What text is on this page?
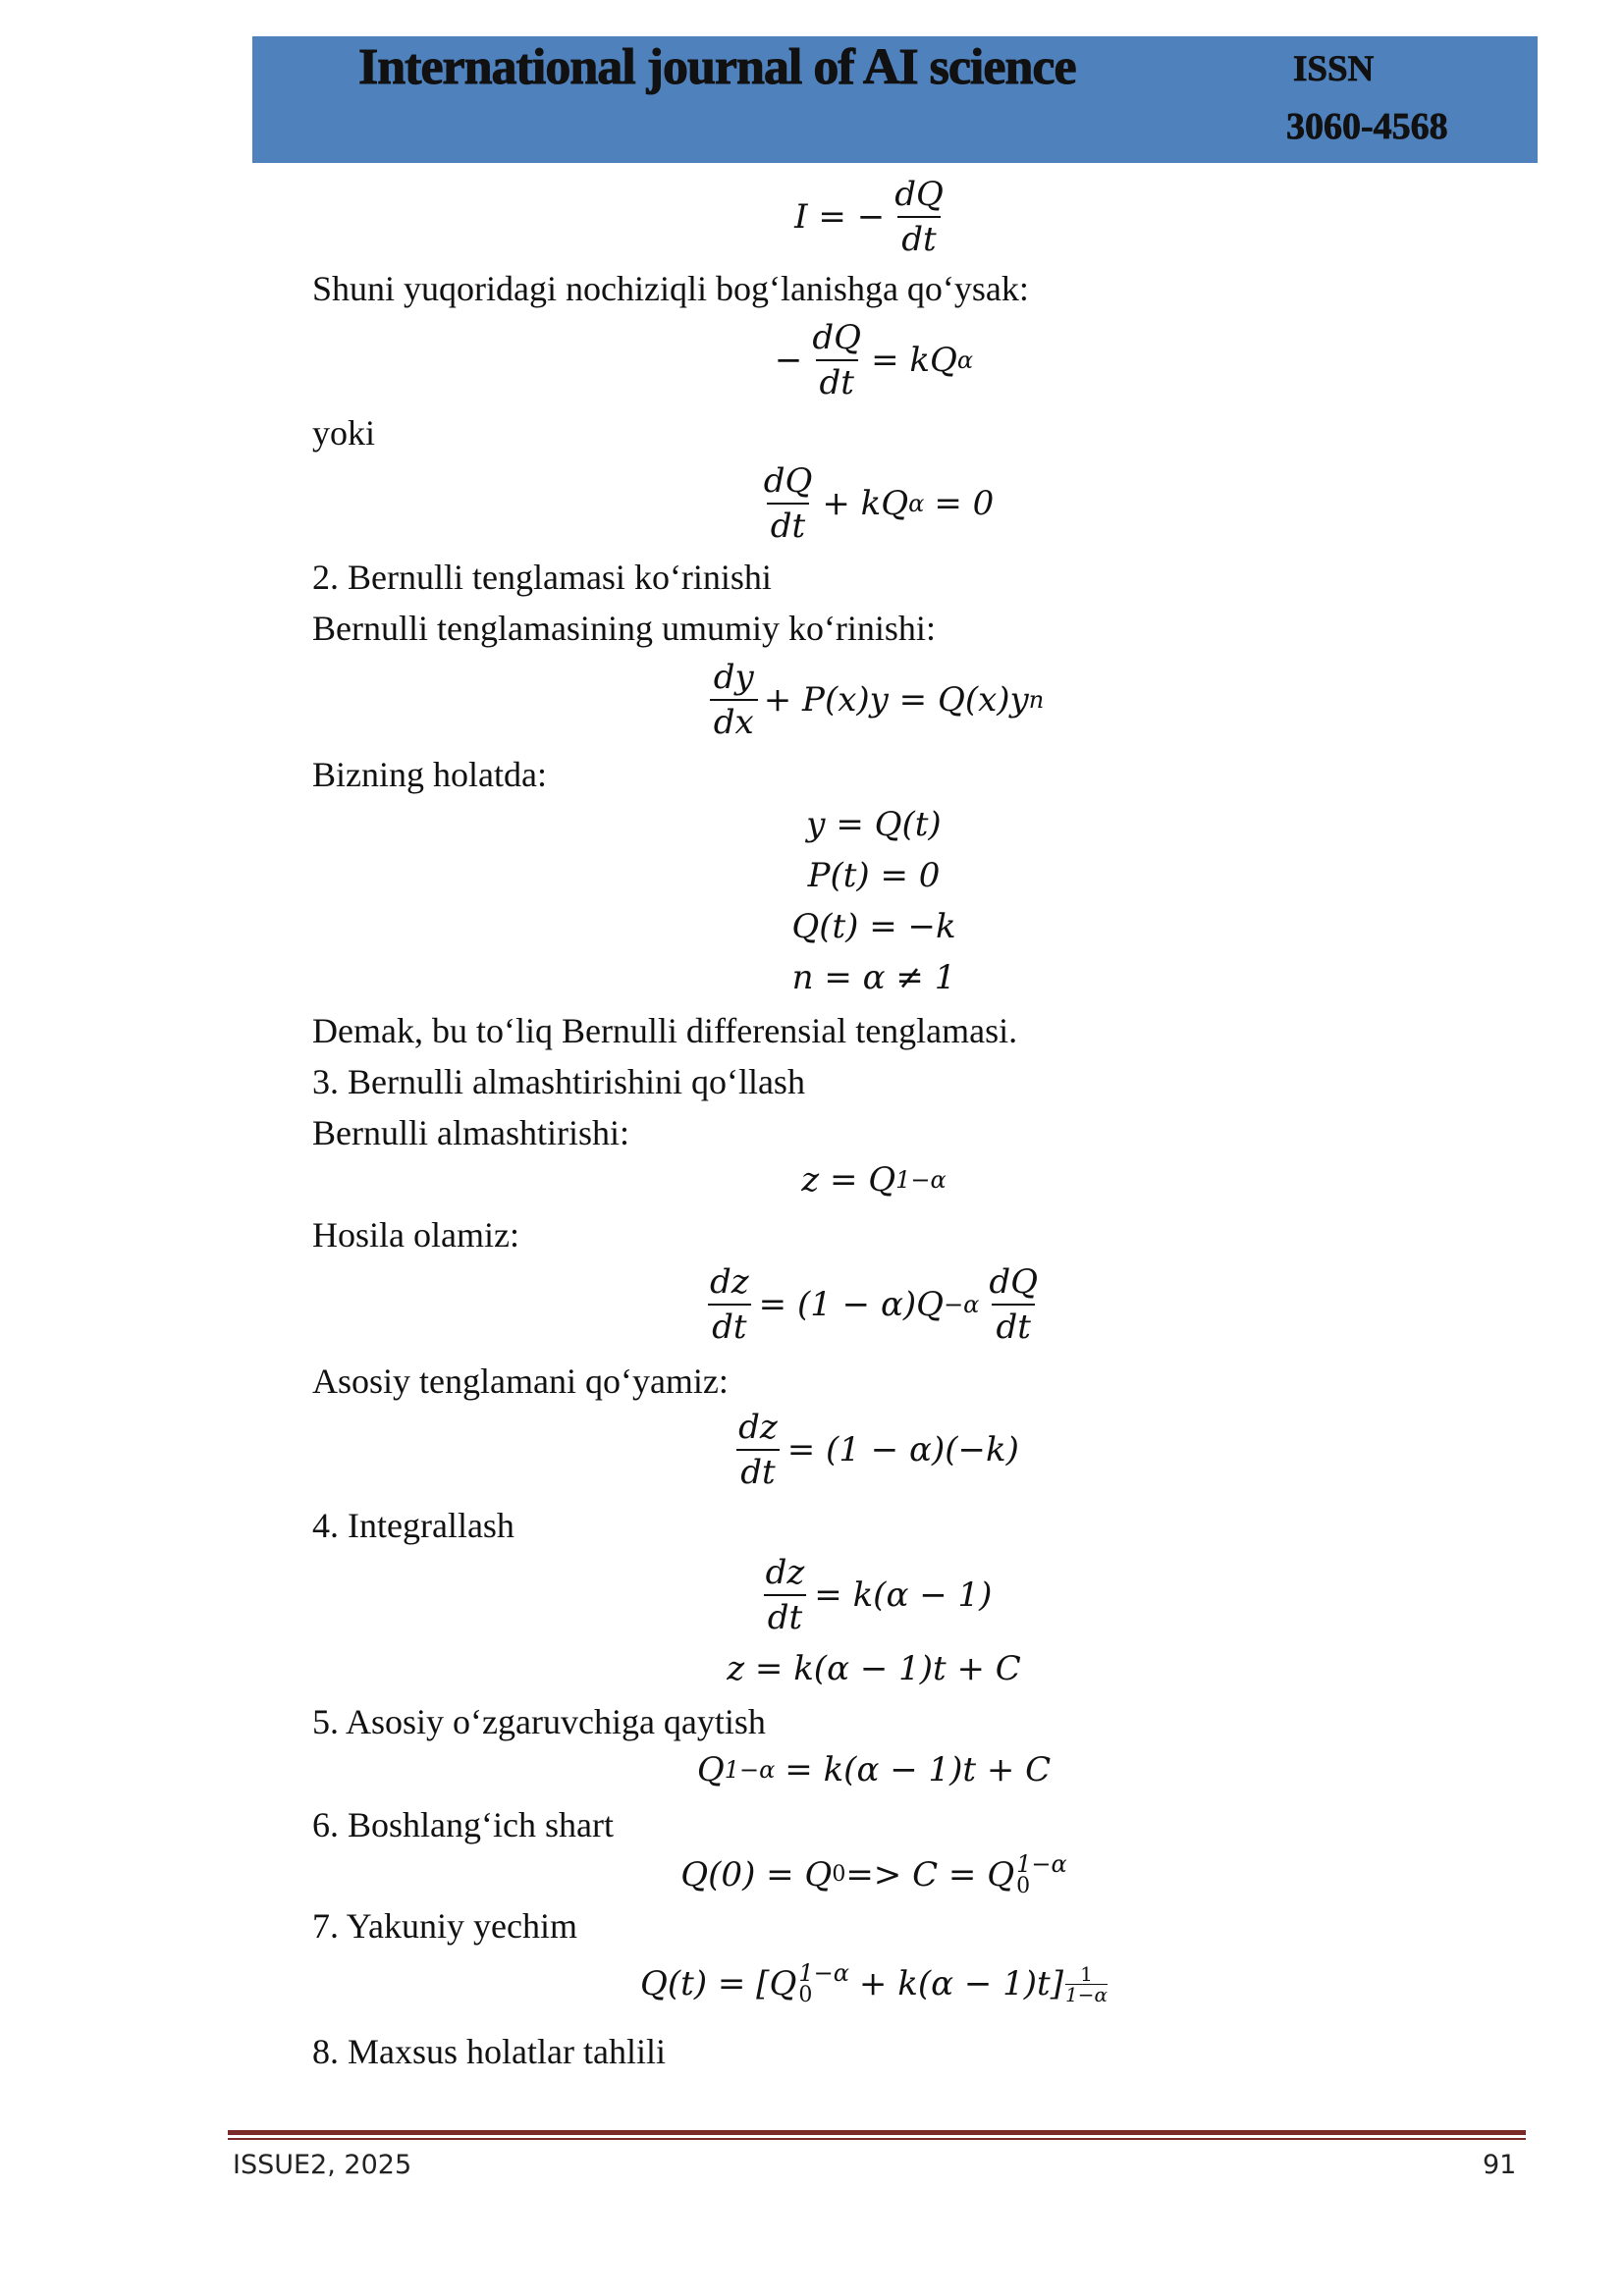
International journal of AI science	ISSN
3060-4568
I = − $\frac{dQ}{dt}$
Shuni yuqoridagi nochiziqli bog‘lanishga qo‘ysak:
− $\frac{dQ}{dt}$ = kQ α
yoki
$\frac{dQ}{dt}$ + kQ α = 0
2. Bernulli tenglamasi ko‘rinishi
Bernulli tenglamasining umumiy ko‘rinishi:
$\frac{dy}{dx} + P(x)y = Q(x)y$ n
Bizning holatda:
y = Q(t)
P(t) = 0
Q(t) = −k
n = α ≠ 1
Demak, bu to‘liq Bernulli differensial tenglamasi.
3. Bernulli almashtirishini qo‘llash
Bernulli almashtirishi:
z = Q 1−α
Hosila olamiz:
$\frac{dz}{dt} = (1 - \alpha)Q -\alpha \frac{dQ}{dt}$
Asosiy tenglamani qo‘yamiz:
$\frac{dz}{dt} = (1 - \alpha)(-k)$
4. Integrallash
$\frac{dz}{dt} = k(\alpha - 1)$
z = k(α − 1)t + C
5. Asosiy o‘zgaruvchiga qaytish
Q 1−α = k(α − 1)t + C
6. Boshlang‘ich shart
Q(0) = Q 0 => C = Q 1−α
0
7. Yakuniy yechim
Q(t) = [Q 1−α
0	+ $k(\alpha - 1)t] \frac{1}{1-\alpha}$
8. Maxsus holatlar tahlili
ISSUE2, 2025	91
